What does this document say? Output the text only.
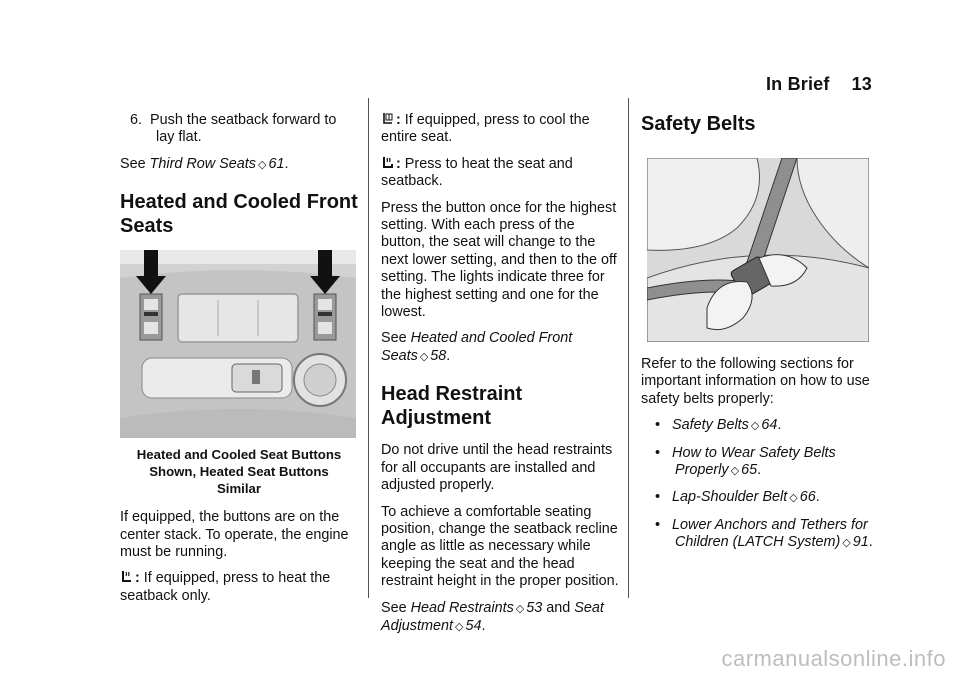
In Brief 13

6. Push the seatback forward to lay flat.

See Third Row Seats ◇ 61.

Heated and Cooled Front Seats
Heated and Cooled Seat Buttons
Shown, Heated Seat Buttons
Similar

If equipped, the buttons are on the center stack. To operate, the engine must be running.

: If equipped, press to heat the seatback only.

: If equipped, press to cool the entire seat.

: Press to heat the seat and seatback.

Press the button once for the highest setting. With each press of the button, the seat will change to the next lower setting, and then to the off setting. The lights indicate three for the highest setting and one for the lowest.

See Heated and Cooled Front Seats ◇ 58.

Head Restraint Adjustment

Do not drive until the head restraints for all occupants are installed and adjusted properly.

To achieve a comfortable seating position, change the seatback recline angle as little as necessary while keeping the seat and the head restraint height in the proper position.

See Head Restraints ◇ 53 and Seat Adjustment ◇ 54.

Safety Belts

Refer to the following sections for important information on how to use safety belts properly:

• Safety Belts ◇ 64.

• How to Wear Safety Belts Properly ◇ 65.

• Lap-Shoulder Belt ◇ 66.

• Lower Anchors and Tethers for Children (LATCH System) ◇ 91.

carmanualsonline.info
